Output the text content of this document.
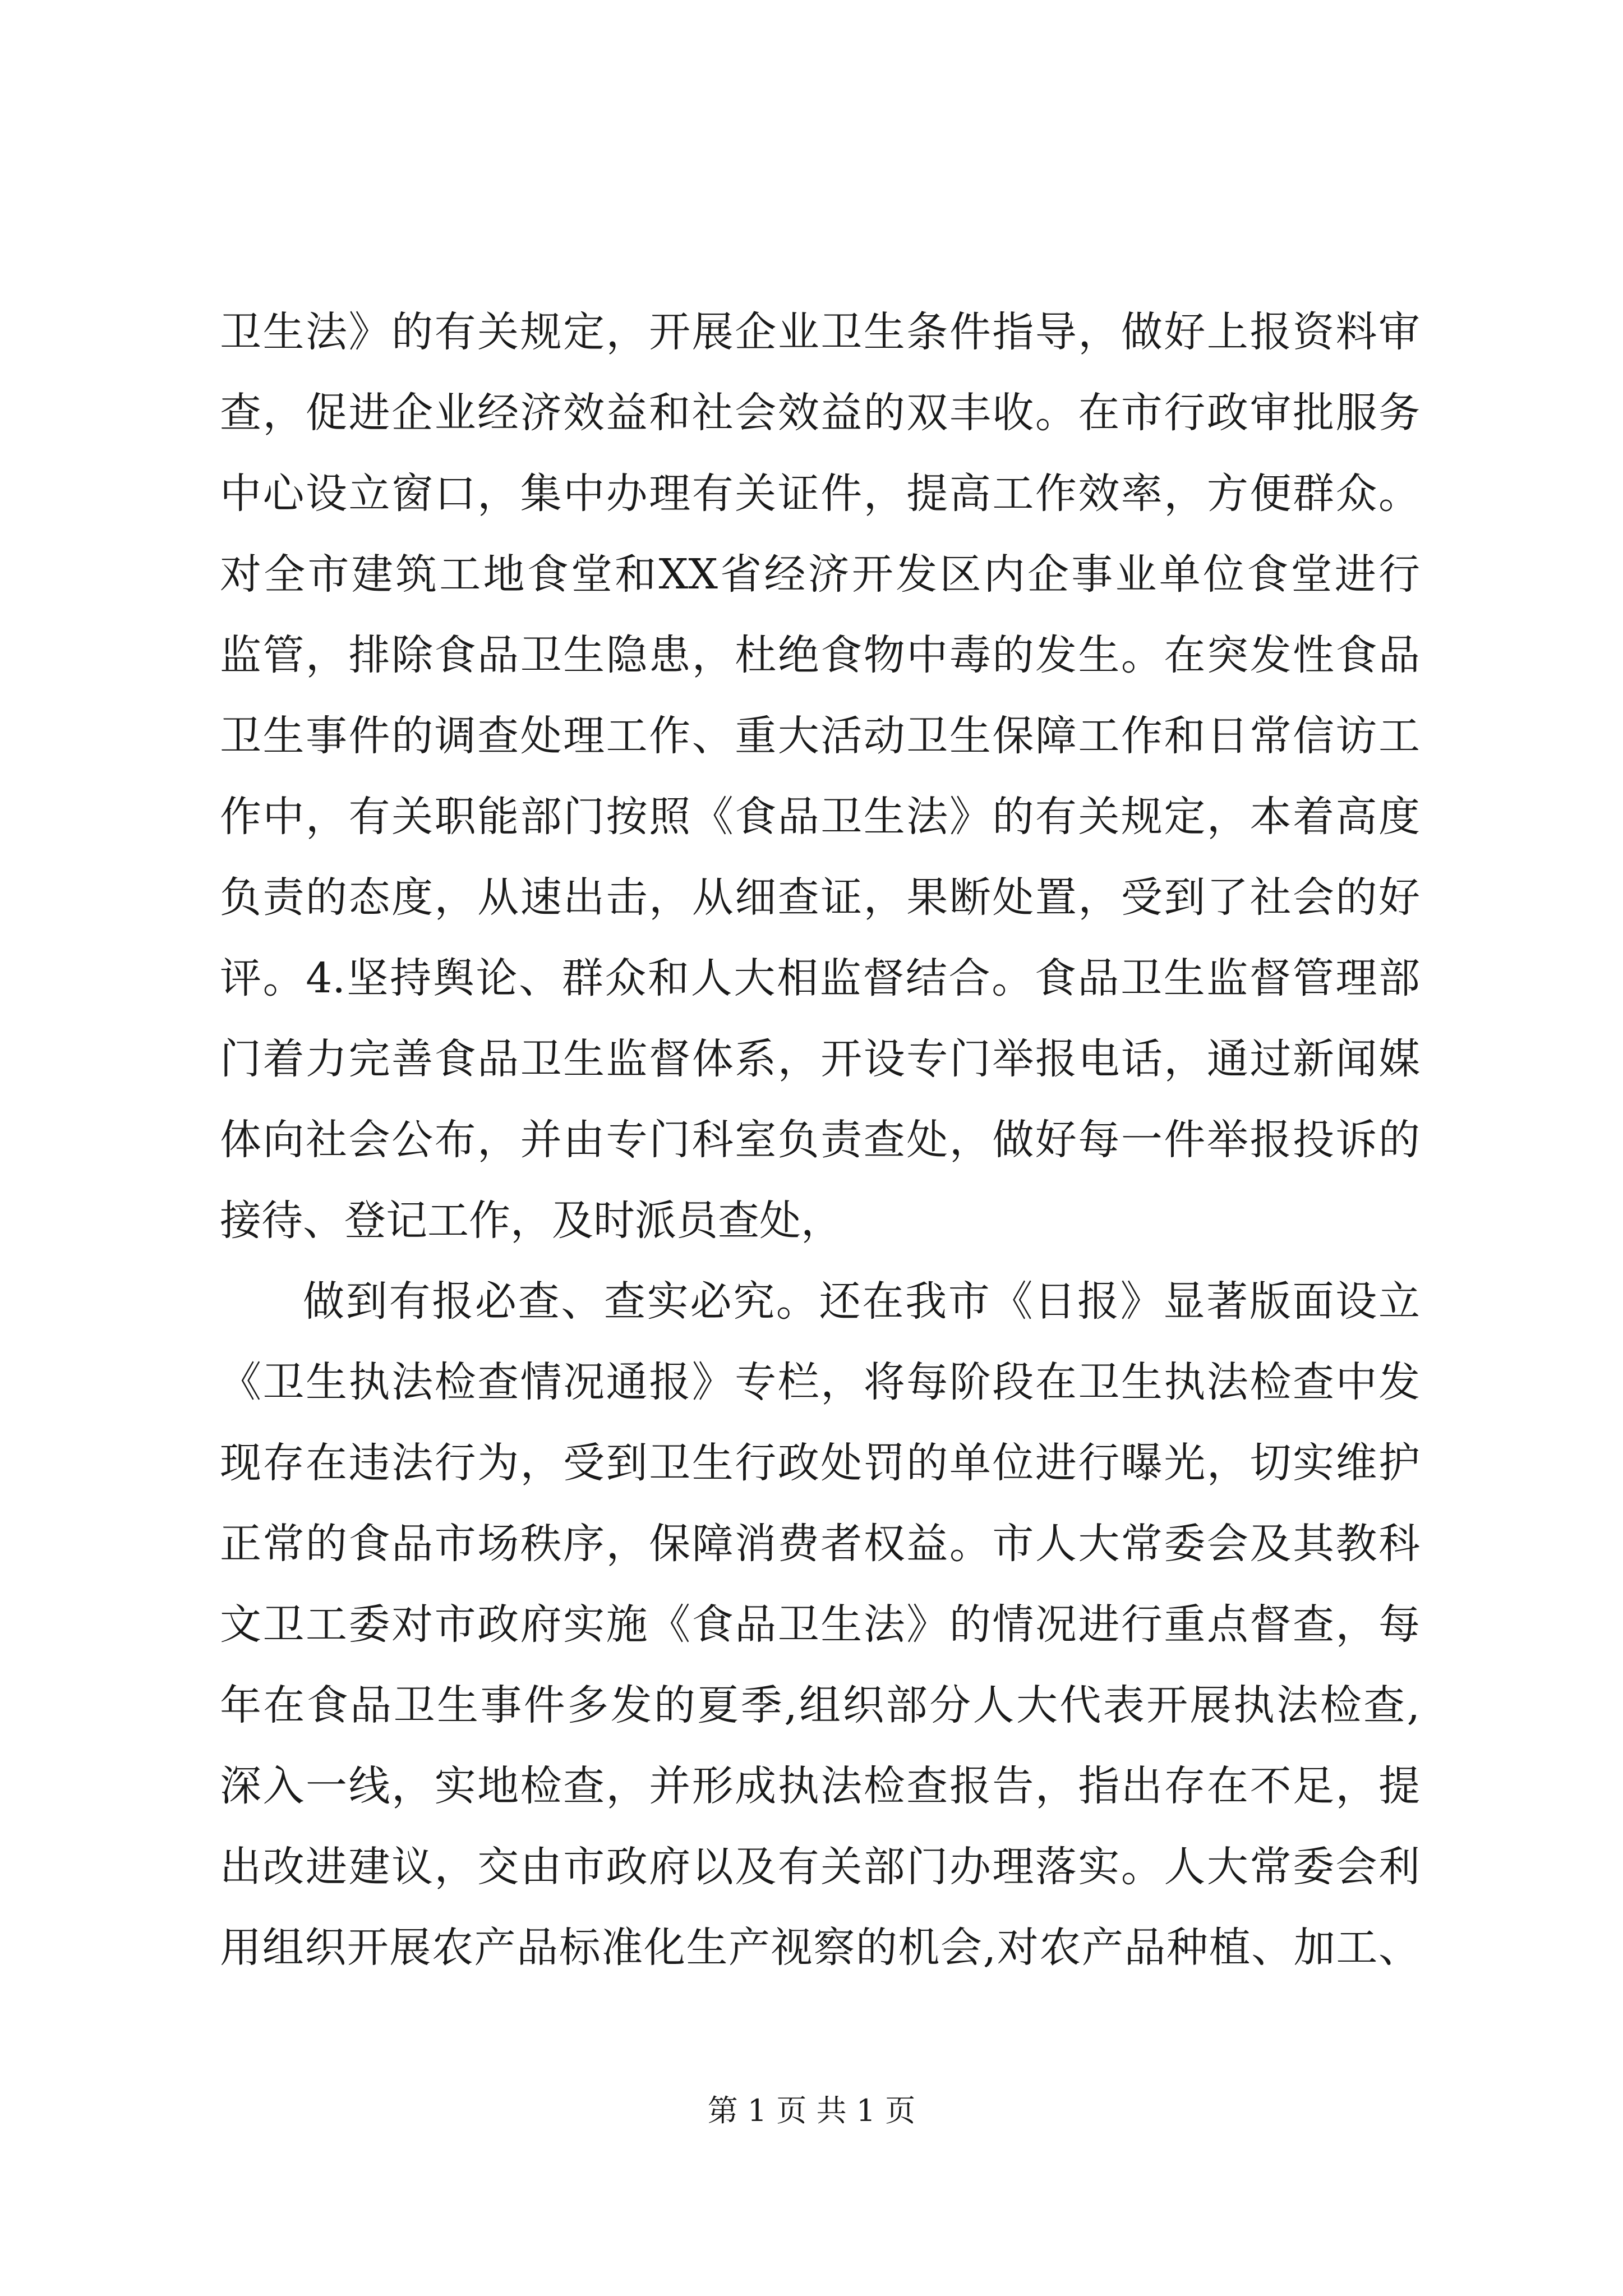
卫生法》的有关规定，开展企业卫生条件指导，做好上报资料审
查，促进企业经济效益和社会效益的双丰收。在市行政审批服务
中心设立窗口，集中办理有关证件，提高工作效率，方便群众。
对全市建筑工地食堂和XX省经济开发区内企事业单位食堂进行
监管，排除食品卫生隐患，杜绝食物中毒的发生。在突发性食品
卫生事件的调查处理工作、重大活动卫生保障工作和日常信访工
作中，有关职能部门按照《食品卫生法》的有关规定，本着高度
负责的态度，从速出击，从细查证，果断处置，受到了社会的好
评。4.坚持舆论、群众和人大相监督结合。食品卫生监督管理部
门着力完善食品卫生监督体系，开设专门举报电话，通过新闻媒
体向社会公布，并由专门科室负责查处，做好每一件举报投诉的
接待、登记工作，及时派员查处，
做到有报必查、查实必究。还在我市《日报》显著版面设立
《卫生执法检查情况通报》专栏，将每阶段在卫生执法检查中发
现存在违法行为，受到卫生行政处罚的单位进行曝光，切实维护
正常的食品市场秩序，保障消费者权益。市人大常委会及其教科
文卫工委对市政府实施《食品卫生法》的情况进行重点督查，每
年在食品卫生事件多发的夏季,组织部分人大代表开展执法检查,
深入一线，实地检查，并形成执法检查报告，指出存在不足，提
出改进建议，交由市政府以及有关部门办理落实。人大常委会利
用组织开展农产品标准化生产视察的机会,对农产品种植、加工、
第 1 页 共 1 页
